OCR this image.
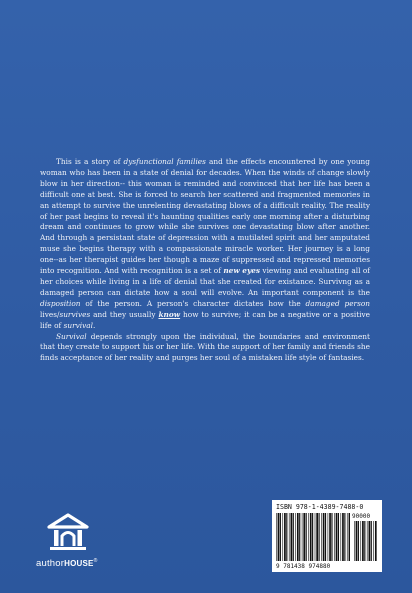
This is a story of dysfunctional families and the effects encountered by one young woman who has been in a state of denial for decades. When the winds of change slowly blow in her direction-- this woman is reminded and convinced that her life has been a difficult one at best. She is forced to search her scattered and fragmented memories in an attempt to survive the unrelenting devastating blows of a difficult reality. The reality of her past begins to reveal it's haunting qualities early one morning after a disturbing dream and continues to grow while she survives one devastating blow after another. And through a persistant state of depression with a mutilated spirit and her amputated muse she begins therapy with a compassionate miracle worker. Her journey is a long one--as her therapist guides her though a maze of suppressed and repressed memories into recognition. And with recognition is a set of new eyes viewing and evaluating all of her choices while living in a life of denial that she created for existance. Survivng as a damaged person can dictate how a soul will evolve. An important component is the disposition of the person. A person's character dictates how the damaged person lives/survives and they usually know how to survive; it can be a negative or a positive life of survival.

Survival depends strongly upon the individual, the boundaries and environment that they create to support his or her life. With the support of her family and friends she finds acceptance of her reality and purges her soul of a mistaken life style of fantasies.

authorHOUSE®
ISBN 978-1-4389-7488-0
90000
9 781438 974880
